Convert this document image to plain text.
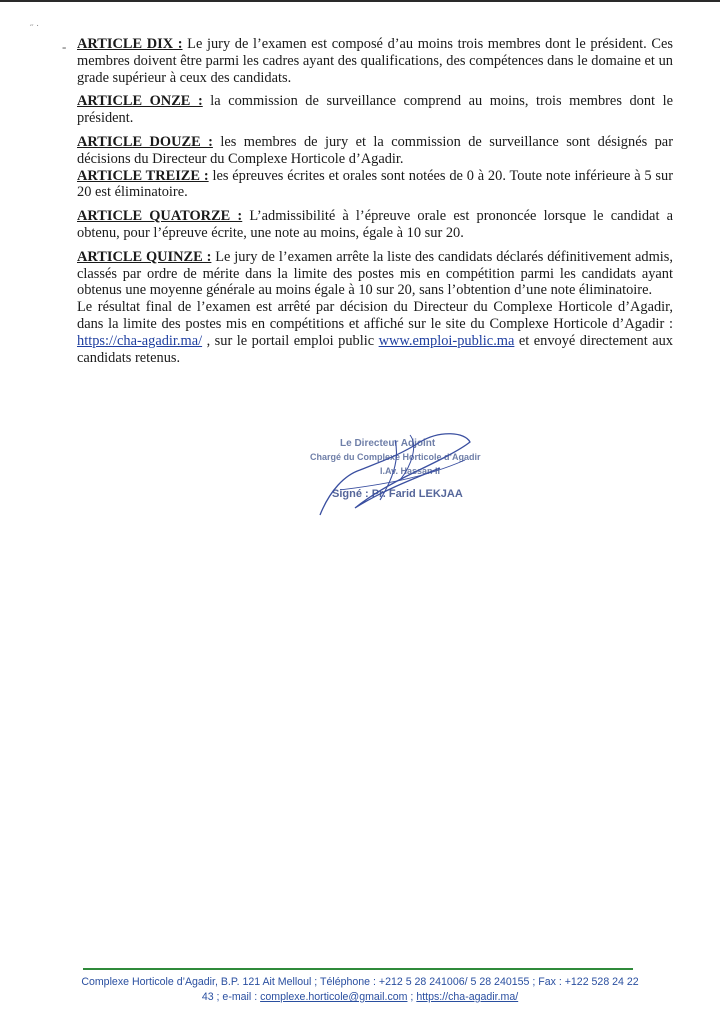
˝ ˙
- ARTICLE DIX : Le jury de l’examen est composé d’au moins trois membres dont le président. Ces membres doivent être parmi les cadres ayant des qualifications, des compétences dans le domaine et un grade supérieur à ceux des candidats.

ARTICLE ONZE : la commission de surveillance comprend au moins, trois membres dont le président.

ARTICLE DOUZE : les membres de jury et la commission de surveillance sont désignés par décisions du Directeur du Complexe Horticole d’Agadir.

ARTICLE TREIZE : les épreuves écrites et orales sont notées de 0 à 20. Toute note inférieure à 5 sur 20 est éliminatoire.

ARTICLE QUATORZE : L’admissibilité à l’épreuve orale est prononcée lorsque le candidat a obtenu, pour l’épreuve écrite, une note au moins, égale à 10 sur 20.

ARTICLE QUINZE : Le jury de l’examen arrête la liste des candidats déclarés définitivement admis, classés par ordre de mérite dans la limite des postes mis en compétition parmi les candidats ayant obtenus une moyenne générale au moins égale à 10 sur 20, sans l’obtention d’une note éliminatoire.

Le résultat final de l’examen est arrêté par décision du Directeur du Complexe Horticole d’Agadir, dans la limite des postes mis en compétitions et affiché sur le site du Complexe Horticole d’Agadir : https://cha-agadir.ma/ , sur le portail emploi public www.emploi-public.ma et envoyé directement aux candidats retenus.

Le Directeur Adjoint
Chargé du Complexe Horticole d’Agadir
I.Av. Hassan II
Signé : Pr. Farid LEKJAA
Complexe Horticole d’Agadir, B.P. 121 Ait Melloul ; Téléphone : +212 5 28 241006/ 5 28 240155 ; Fax : +122 528 24 22
43 ; e-mail : complexe.horticole@gmail.com ; https://cha-agadir.ma/
